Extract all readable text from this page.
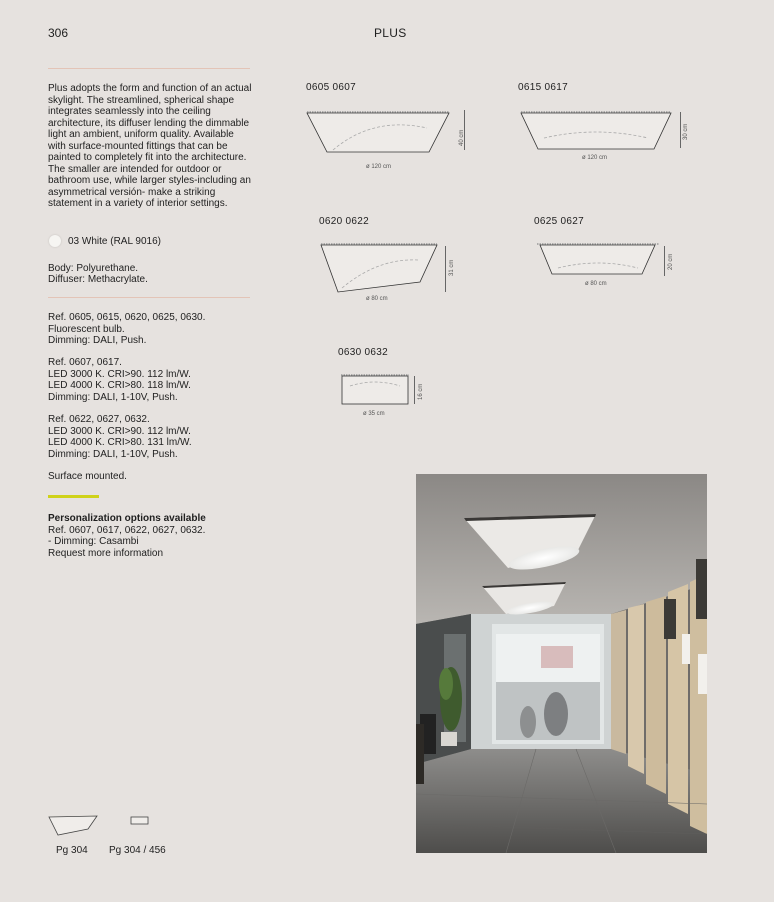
306	PLUS
Plus adopts the form and function of an actual skylight. The streamlined, spherical shape integrates seamlessly into the ceiling architecture, its diffuser lending the dimmable light an ambient, uniform quality. Available with surface-mounted fittings that can be painted to completely fit into the architecture. The smaller are intended for outdoor or bathroom use, while larger styles-including an asymmetrical versión- make a striking statement in a variety of interior settings.
03 White (RAL 9016)
Body: Polyurethane.
Diffuser: Methacrylate.
Ref. 0605, 0615, 0620, 0625, 0630.
Fluorescent bulb.
Dimming: DALI, Push.
Ref. 0607, 0617.
LED 3000 K. CRI>90. 112 lm/W.
LED 4000 K. CRI>80. 118 lm/W.
Dimming: DALI, 1-10V, Push.
Ref. 0622, 0627, 0632.
LED 3000 K. CRI>90. 112 lm/W.
LED 4000 K. CRI>80. 131 lm/W.
Dimming: DALI, 1-10V, Push.
Surface mounted.
Personalization options available
Ref. 0607, 0617, 0622, 0627, 0632.
- Dimming: Casambi
Request more information
0605 0607
40 cm
ø 120 cm
0615 0617
30 cm
ø 120 cm
0620 0622
31 cm
ø 80 cm
0625 0627
20 cm
ø 80 cm
0630 0632
16 cm
ø 35 cm
Pg 304 Pg 304 / 456
